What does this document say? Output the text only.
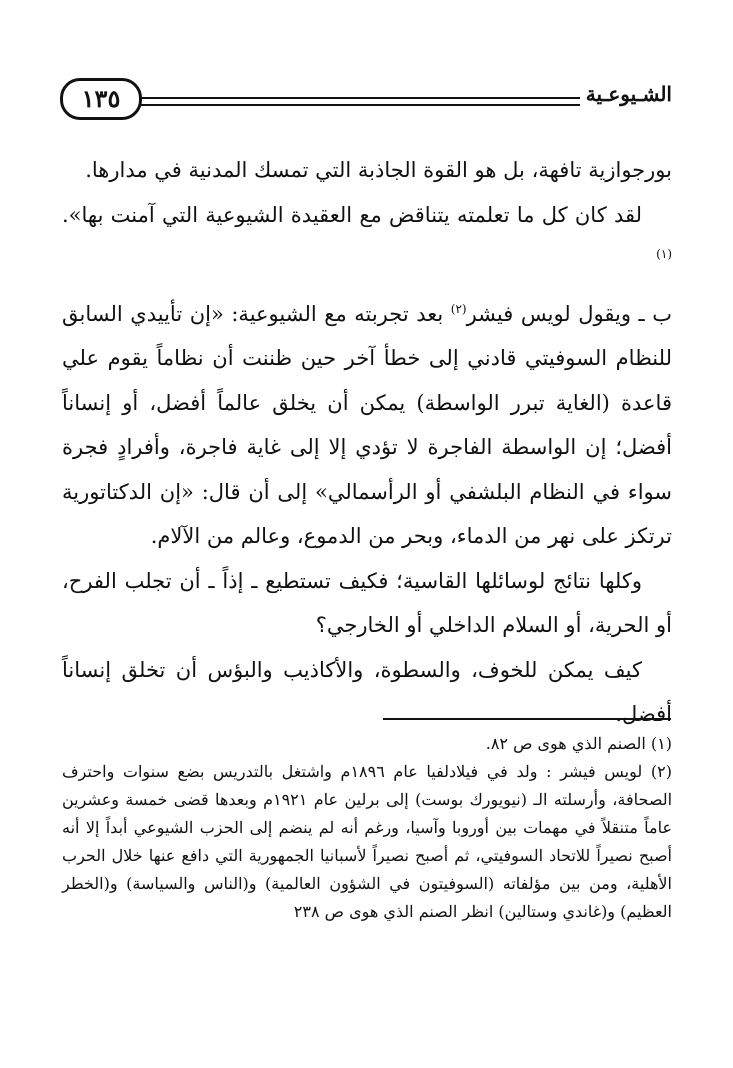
الشـيوعـية
١٣٥

بورجوازية تافهة، بل هو القوة الجاذبة التي تمسك المدنية في مدارها.

لقد كان كل ما تعلمته يتناقض مع العقيدة الشيوعية التي آمنت بها». $^{(١)}$

ب ـ ويقول لويس فيشر$^{(٢)}$ بعد تجربته مع الشيوعية: «إن تأييدي السابق للنظام السوفيتي قادني إلى خطأ آخر حين ظننت أن نظاماً يقوم علي قاعدة (الغاية تبرر الواسطة) يمكن أن يخلق عالماً أفضل، أو إنساناً أفضل؛ إن الواسطة الفاجرة لا تؤدي إلا إلى غاية فاجرة، وأفرادٍ فجرة سواء في النظام البلشفي أو الرأسمالي» إلى أن قال: «إن الدكتاتورية ترتكز على نهر من الدماء، وبحر من الدموع، وعالم من الآلام.

وكلها نتائج لوسائلها القاسية؛ فكيف تستطيع ـ إذاً ـ أن تجلب الفرح، أو الحرية، أو السلام الداخلي أو الخارجي؟

كيف يمكن للخوف، والسطوة، والأكاذيب والبؤس أن تخلق إنساناً أفضل.

(١) الصنم الذي هوى ص ٨٢.

(٢) لويس فيشر : ولد في فيلادلفيا عام ١٨٩٦م واشتغل بالتدريس بضع سنوات واحترف الصحافة، وأرسلته الـ (نيويورك بوست) إلى برلين عام ١٩٢١م وبعدها قضى خمسة وعشرين عاماً متنقلاً في مهمات بين أوروبا وآسيا، ورغم أنه لم ينضم إلى الحزب الشيوعي أبداً إلا أنه أصبح نصيراً للاتحاد السوفيتي، ثم أصبح نصيراً لأسبانيا الجمهورية التي دافع عنها خلال الحرب الأهلية، ومن بين مؤلفاته (السوفيتون في الشؤون العالمية) و(الناس والسياسة) و(الخطر العظيم) و(غاندي وستالين) انظر الصنم الذي هوى ص ٢٣٨
